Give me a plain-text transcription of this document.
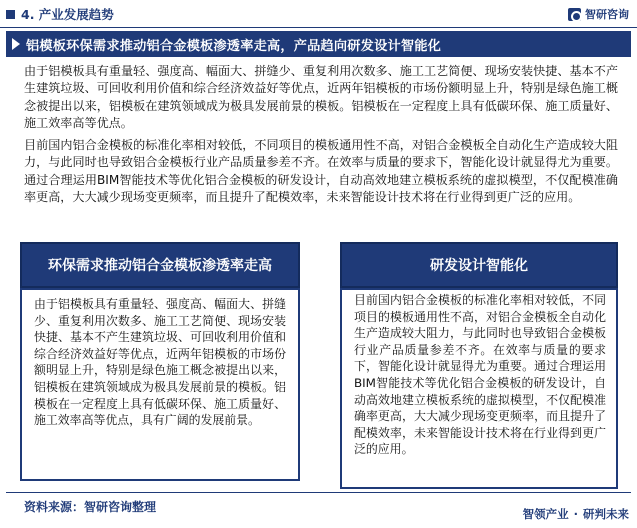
4. 产业发展趋势	智研咨询
铝模板环保需求推动铝合金模板渗透率走高，产品趋向研发设计智能化

由于铝模板具有重量轻、强度高、幅面大、拼缝少、重复利用次数多、施工工艺简便、现场安装快捷、基本不产生建筑垃圾、可回收利用价值和综合经济效益好等优点，近两年铝模板的市场份额明显上升，特别是绿色施工概念被提出以来，铝模板在建筑领域成为极具发展前景的模板。铝模板在一定程度上具有低碳环保、施工质量好、施工效率高等优点。

目前国内铝合金模板的标准化率相对较低，不同项目的模板通用性不高，对铝合金模板全自动化生产造成较大阻力，与此同时也导致铝合金模板行业产品质量参差不齐。在效率与质量的要求下，智能化设计就显得尤为重要。通过合理运用BIM智能技术等优化铝合金模板的研发设计，自动高效地建立模板系统的虚拟模型，不仅配模准确率更高，大大减少现场变更频率，而且提升了配模效率，未来智能设计技术将在行业得到更广泛的应用。

环保需求推动铝合金模板渗透率走高

由于铝模板具有重量轻、强度高、幅面大、拼缝少、重复利用次数多、施工工艺简便、现场安装快捷、基本不产生建筑垃圾、可回收利用价值和综合经济效益好等优点，近两年铝模板的市场份额明显上升，特别是绿色施工概念被提出以来，铝模板在建筑领域成为极具发展前景的模板。铝模板在一定程度上具有低碳环保、施工质量好、施工效率高等优点，具有广阔的发展前景。

研发设计智能化

目前国内铝合金模板的标准化率相对较低，不同项目的模板通用性不高，对铝合金模板全自动化生产造成较大阻力，与此同时也导致铝合金模板行业产品质量参差不齐。在效率与质量的要求下，智能化设计就显得尤为重要。通过合理运用BIM智能技术等优化铝合金模板的研发设计，自动高效地建立模板系统的虚拟模型，不仅配模准确率更高，大大减少现场变更频率，而且提升了配模效率，未来智能设计技术将在行业得到更广泛的应用。

资料来源：智研咨询整理	智领产业 · 研判未来
